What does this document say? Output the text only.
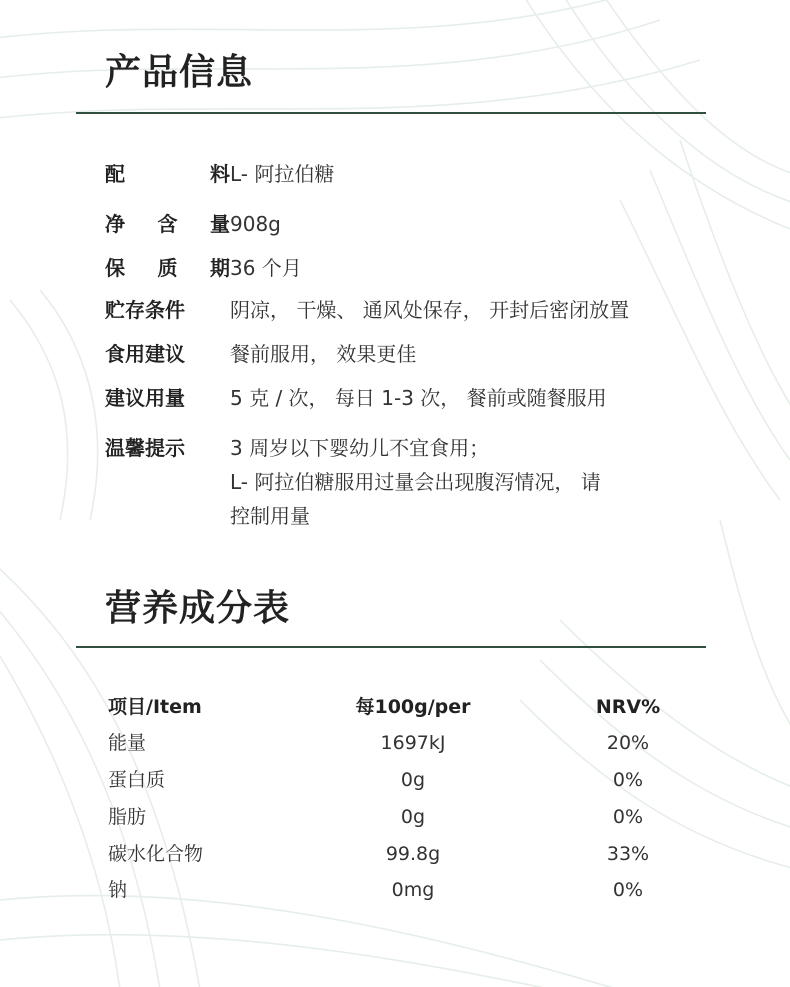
产品信息
配	料 L- 阿拉伯糖
净 含 量 908g
保 质 期 36 个月
贮存条件 阴凉， 干燥、 通风处保存， 开封后密闭放置
食用建议 餐前服用， 效果更佳
建议用量 5 克 / 次， 每日 1-3 次， 餐前或随餐服用
温馨提示 3 周岁以下婴幼儿不宜食用；
L- 阿拉伯糖服用过量会出现腹泻情况， 请
控制用量
营养成分表
项目/Item	每100g/per	NRV%
能量	1697kJ	20%
蛋白质	0g	0%
脂肪	0g	0%
碳水化合物	99.8g	33%
钠	0mg	0%
